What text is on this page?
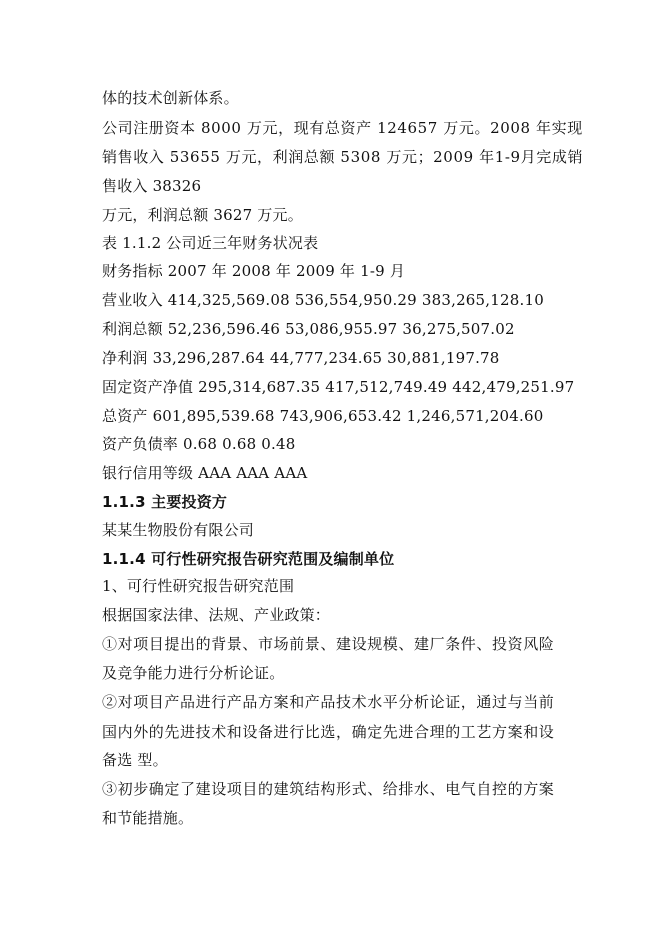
体的技术创新体系。
公司注册资本 8000 万元，现有总资产 124657 万元。2008 年实现
销售收入 53655 万元，利润总额 5308 万元；2009 年1-9月完成销
售收入 38326
万元，利润总额 3627 万元。
表 1.1.2 公司近三年财务状况表
财务指标 2007 年 2008 年 2009 年 1-9 月
营业收入 414,325,569.08 536,554,950.29 383,265,128.10
利润总额 52,236,596.46 53,086,955.97 36,275,507.02
净利润 33,296,287.64 44,777,234.65 30,881,197.78
固定资产净值 295,314,687.35 417,512,749.49 442,479,251.97
总资产 601,895,539.68 743,906,653.42 1,246,571,204.60
资产负债率 0.68 0.68 0.48
银行信用等级 AAA AAA AAA
1.1.3 主要投资方
某某生物股份有限公司
1.1.4 可行性研究报告研究范围及编制单位
1、可行性研究报告研究范围
根据国家法律、法规、产业政策：
①对项目提出的背景、市场前景、建设规模、建厂条件、投资风险
及竞争能力进行分析论证。
②对项目产品进行产品方案和产品技术水平分析论证，通过与当前
国内外的先进技术和设备进行比选，确定先进合理的工艺方案和设
备选 型。
③初步确定了建设项目的建筑结构形式、给排水、电气自控的方案
和节能措施。
